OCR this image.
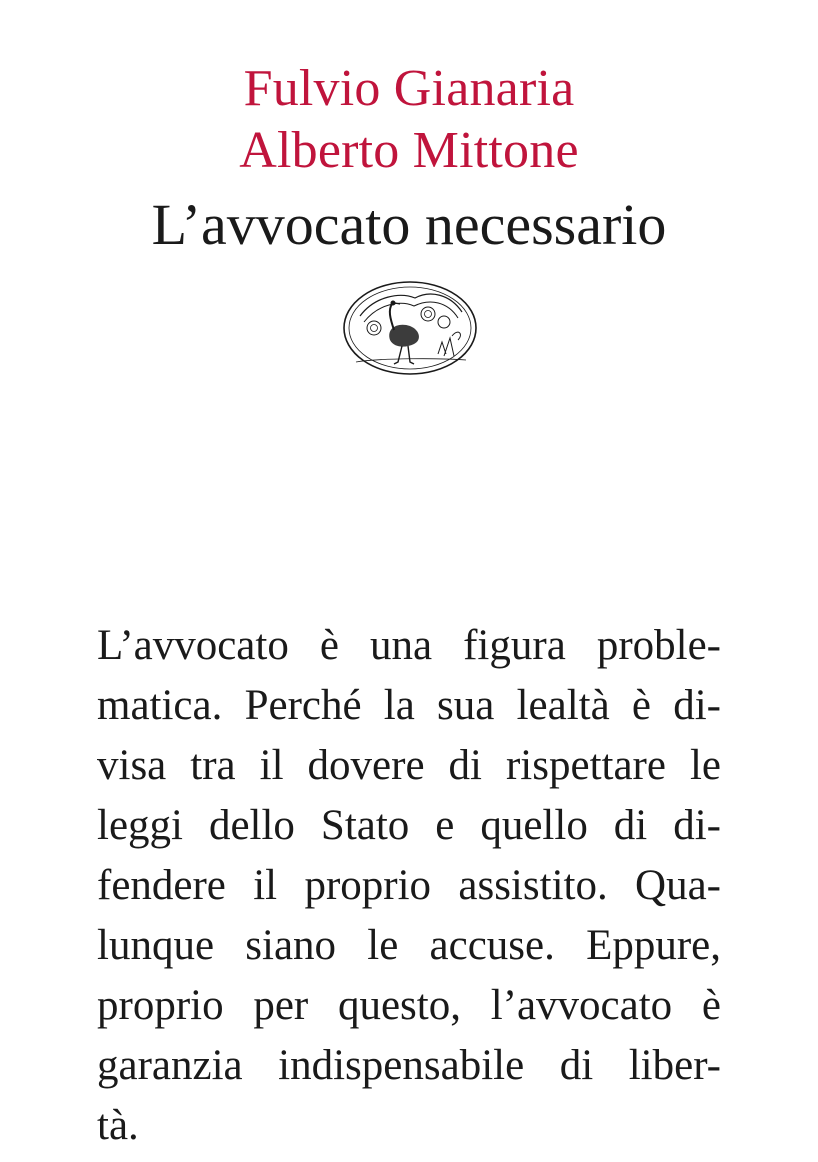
Fulvio Gianaria
Alberto Mittone
L’avvocato necessario
L’avvocato è una figura proble-
matica. Perché la sua lealtà è di-
visa tra il dovere di rispettare le
leggi dello Stato e quello di di-
fendere il proprio assistito. Qua-
lunque siano le accuse. Eppure,
proprio per questo, l’avvocato è
garanzia indispensabile di liber-
tà.
